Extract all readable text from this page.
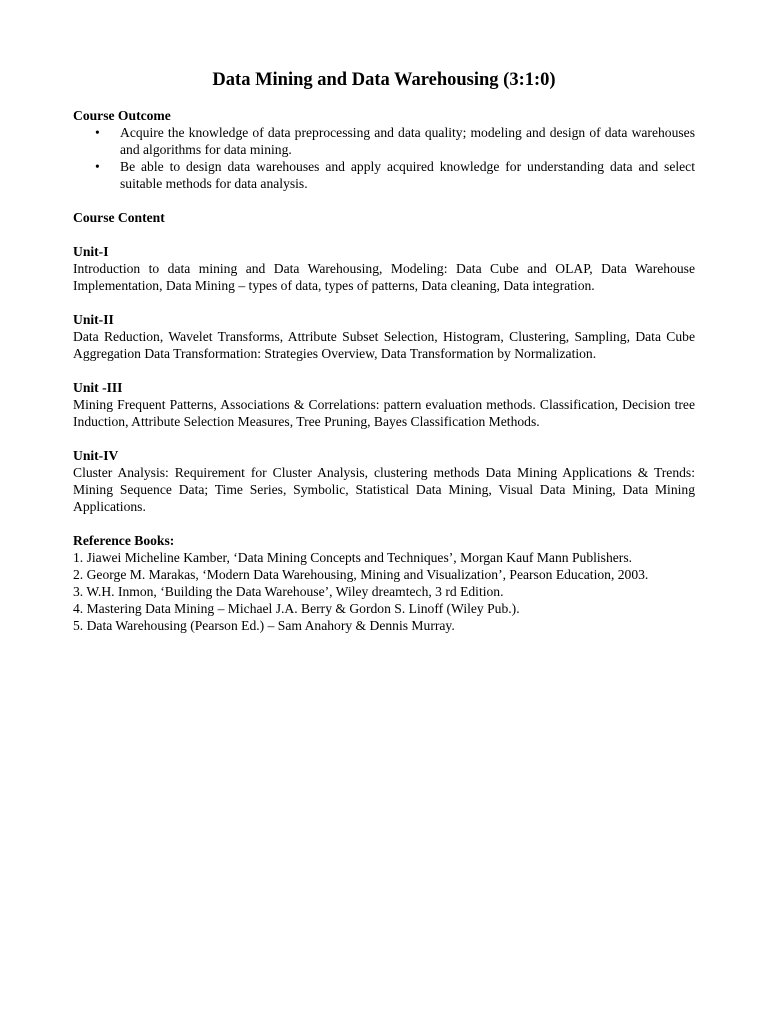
Data Mining and Data Warehousing (3:1:0)

Course Outcome

• Acquire the knowledge of data preprocessing and data quality; modeling and design of data warehouses and algorithms for data mining.
• Be able to design data warehouses and apply acquired knowledge for understanding data and select suitable methods for data analysis.

Course Content

Unit-I

Introduction to data mining and Data Warehousing, Modeling: Data Cube and OLAP, Data Warehouse Implementation, Data Mining – types of data, types of patterns, Data cleaning, Data integration.

Unit-II

Data Reduction, Wavelet Transforms, Attribute Subset Selection, Histogram, Clustering, Sampling, Data Cube Aggregation Data Transformation: Strategies Overview, Data Transformation by Normalization.

Unit -III

Mining Frequent Patterns, Associations & Correlations: pattern evaluation methods. Classification, Decision tree Induction, Attribute Selection Measures, Tree Pruning, Bayes Classification Methods.

Unit-IV

Cluster Analysis: Requirement for Cluster Analysis, clustering methods Data Mining Applications & Trends: Mining Sequence Data; Time Series, Symbolic, Statistical Data Mining, Visual Data Mining, Data Mining Applications.

Reference Books:

1. Jiawei Micheline Kamber, ‘Data Mining Concepts and Techniques’, Morgan Kauf Mann Publishers.
2. George M. Marakas, ‘Modern Data Warehousing, Mining and Visualization’, Pearson Education, 2003.
3. W.H. Inmon, ‘Building the Data Warehouse’, Wiley dreamtech, 3 rd Edition.
4. Mastering Data Mining – Michael J.A. Berry & Gordon S. Linoff (Wiley Pub.).
5. Data Warehousing (Pearson Ed.) – Sam Anahory & Dennis Murray.
